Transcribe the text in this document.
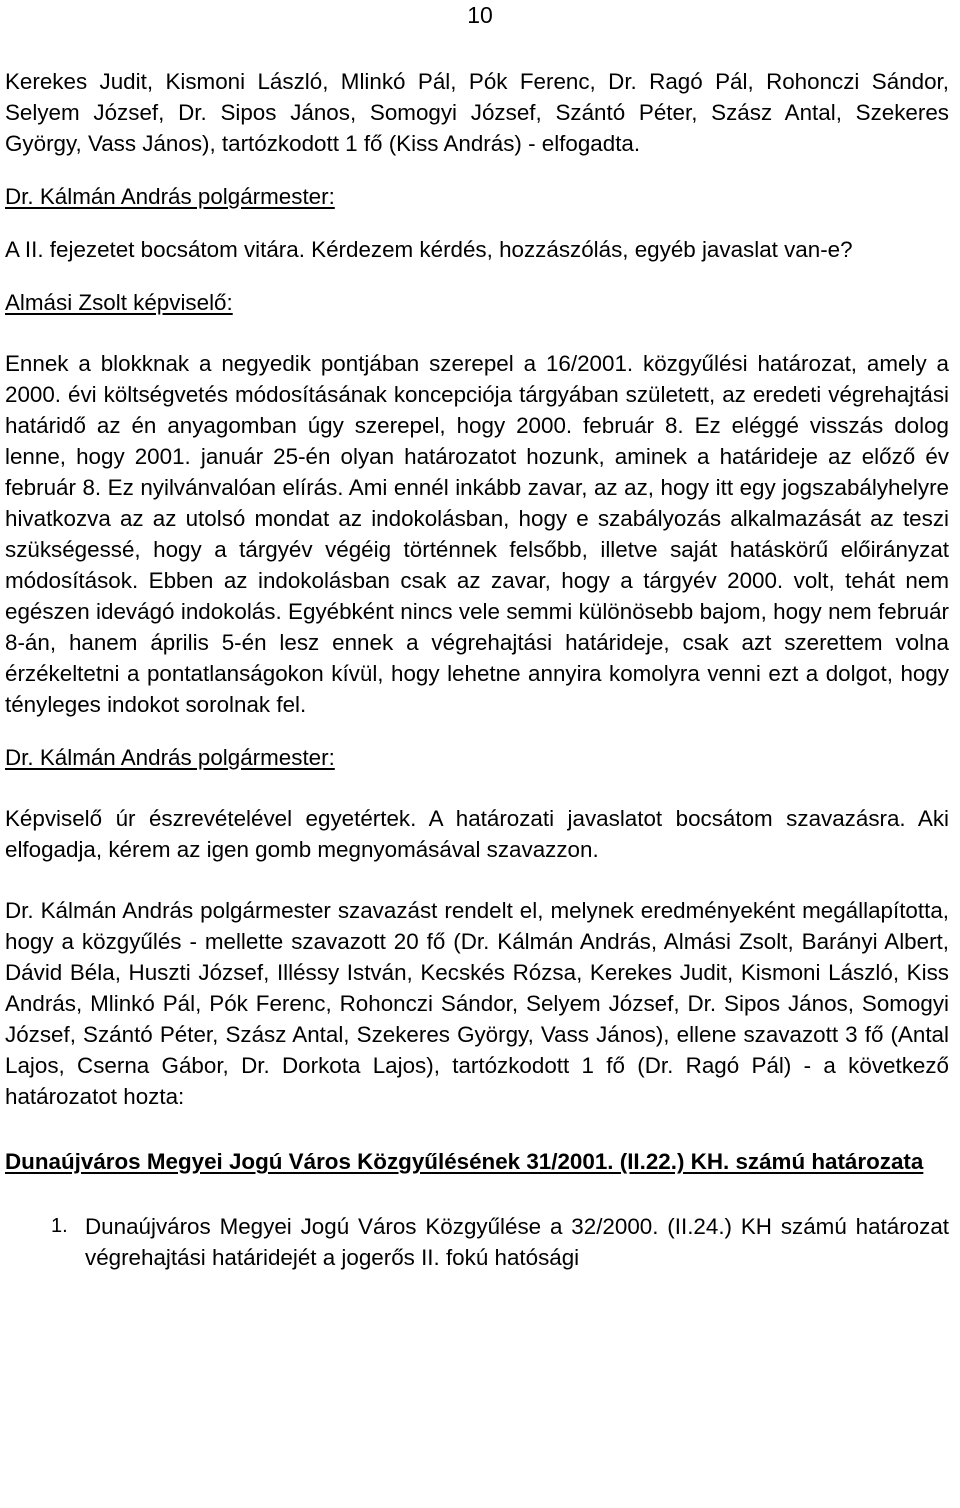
10

Kerekes Judit, Kismoni László, Mlinkó Pál, Pók Ferenc, Dr. Ragó Pál, Rohonczi Sándor, Selyem József, Dr. Sipos János, Somogyi József, Szántó Péter, Szász Antal, Szekeres György, Vass János), tartózkodott 1 fő (Kiss András) - elfogadta.

Dr. Kálmán András polgármester:

A II. fejezetet bocsátom vitára. Kérdezem kérdés, hozzászólás, egyéb javaslat van-e?

Almási Zsolt képviselő:

Ennek a blokknak a negyedik pontjában szerepel a 16/2001. közgyűlési határozat, amely a 2000. évi költségvetés módosításának koncepciója tárgyában született, az eredeti végrehajtási határidő az én anyagomban úgy szerepel, hogy 2000. február 8. Ez eléggé visszás dolog lenne, hogy 2001. január 25-én olyan határozatot hozunk, aminek a határideje az előző év február 8. Ez nyilvánvalóan elírás. Ami ennél inkább zavar, az az, hogy itt egy jogszabályhelyre hivatkozva az az utolsó mondat az indokolásban, hogy e szabályozás alkalmazását az teszi szükségessé, hogy a tárgyév végéig történnek felsőbb, illetve saját hatáskörű előirányzat módosítások. Ebben az indokolásban csak az zavar, hogy a tárgyév 2000. volt, tehát nem egészen idevágó indokolás. Egyébként nincs vele semmi különösebb bajom, hogy nem február 8-án, hanem április 5-én lesz ennek a végrehajtási határideje, csak azt szerettem volna érzékeltetni a pontatlanságokon kívül, hogy lehetne annyira komolyra venni ezt a dolgot, hogy tényleges indokot sorolnak fel.

Dr. Kálmán András polgármester:

Képviselő úr észrevételével egyetértek. A határozati javaslatot bocsátom szavazásra. Aki elfogadja, kérem az igen gomb megnyomásával szavazzon.

Dr. Kálmán András polgármester szavazást rendelt el, melynek eredményeként megállapította, hogy a közgyűlés - mellette szavazott 20 fő (Dr. Kálmán András, Almási Zsolt, Barányi Albert, Dávid Béla, Huszti József, Illéssy István, Kecskés Rózsa, Kerekes Judit, Kismoni László, Kiss András, Mlinkó Pál, Pók Ferenc, Rohonczi Sándor, Selyem József, Dr. Sipos János, Somogyi József, Szántó Péter, Szász Antal, Szekeres György, Vass János), ellene szavazott 3 fő (Antal Lajos, Cserna Gábor, Dr. Dorkota Lajos), tartózkodott 1 fő (Dr. Ragó Pál) - a következő határozatot hozta:

Dunaújváros Megyei Jogú Város Közgyűlésének 31/2001. (II.22.) KH. számú határozata

1. Dunaújváros Megyei Jogú Város Közgyűlése a 32/2000. (II.24.) KH számú határozat végrehajtási határidejét a jogerős II. fokú hatósági
